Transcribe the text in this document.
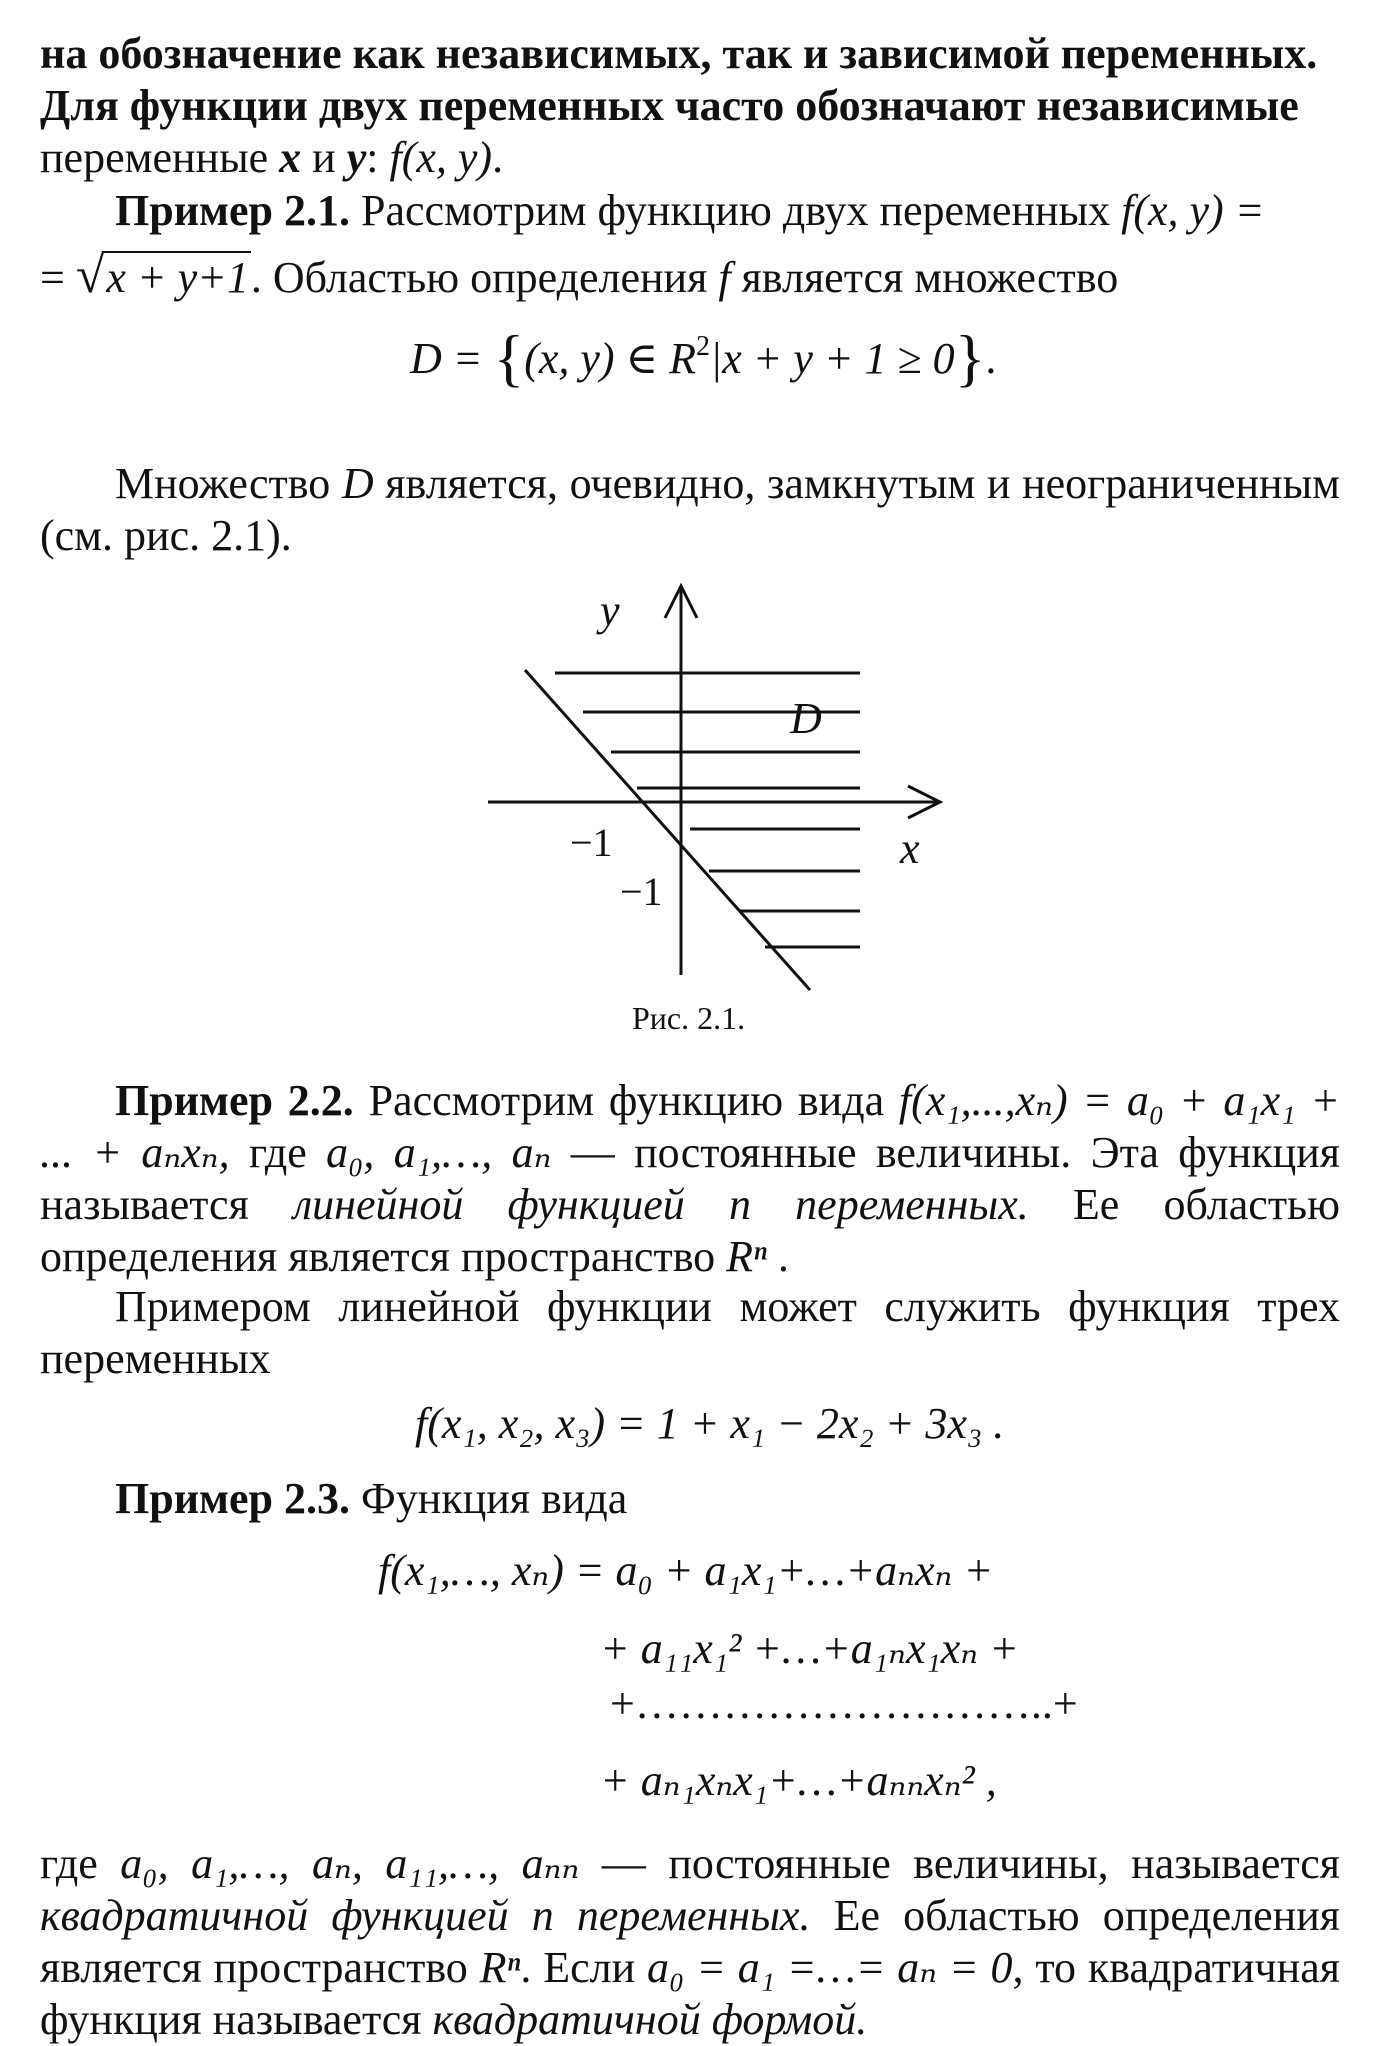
на обозначение как независимых, так и зависимой переменных.
Для функции двух переменных часто обозначают независимые

переменные x и y: f(x, y).

Пример 2.1. Рассмотрим функцию двух переменных f(x, y) =

= √x + y+1. Областью определения f является множество

D = {(x, y) ∈ $R^2|x + y + 1 \ge 0$}.

Множество D является, очевидно, замкнутым и неограниченным (см. рис. 2.1).

y
x
D
−1
−1
Рис. 2.1.

Пример 2.2. Рассмотрим функцию вида f(x₁,...,xₙ) = a₀ + a₁x₁ + ... + aₙxₙ, где a₀, a₁,…, aₙ — постоянные величины. Эта функция называется линейной функцией n переменных. Ее областью определения является пространство Rⁿ .

Примером линейной функции может служить функция трех переменных

f(x₁, x₂, x₃) = 1 + x₁ − 2x₂ + 3x₃ .

Пример 2.3. Функция вида

f(x₁,…, xₙ) = a₀ + a₁x₁+…+aₙxₙ +
+ a₁₁x₁² +…+a₁ₙx₁xₙ +
+………………………..+
+ aₙ₁xₙx₁+…+aₙₙxₙ² ,

где a₀, a₁,…, aₙ, a₁₁,…, aₙₙ — постоянные величины, называется квадратичной функцией n переменных. Ее областью определения является пространство Rⁿ. Если a₀ = a₁ =…= aₙ = 0, то квадратичная функция называется квадратичной формой.
